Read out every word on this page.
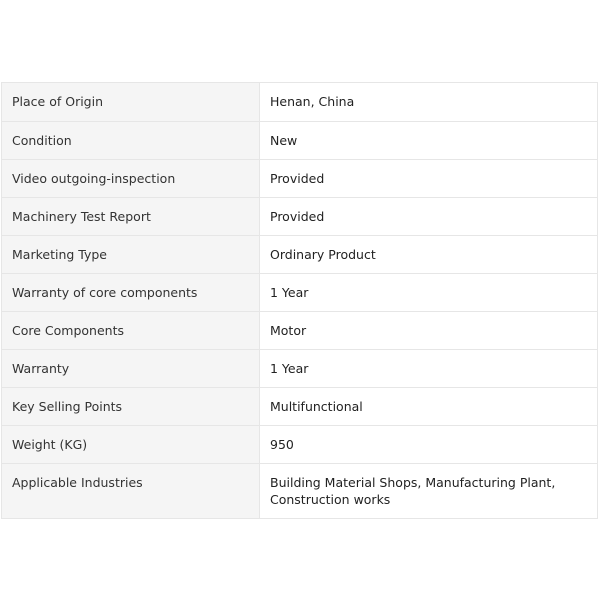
Place of Origin	Henan, China
Condition	New
Video outgoing-inspection	Provided
Machinery Test Report	Provided
Marketing Type	Ordinary Product
Warranty of core components	1 Year
Core Components	Motor
Warranty	1 Year
Key Selling Points	Multifunctional
Weight (KG)	950
Applicable Industries	Building Material Shops, Manufacturing Plant, Construction works
